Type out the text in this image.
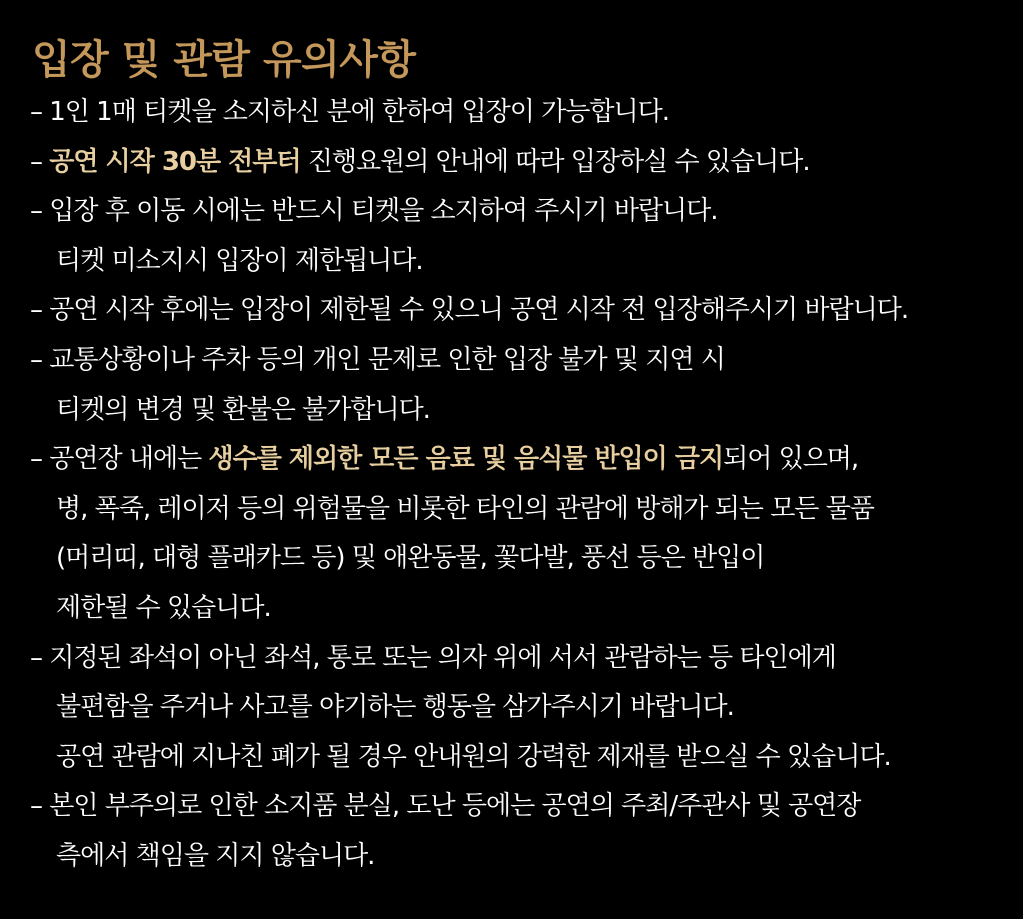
입장 및 관람 유의사항

– 1인 1매 티켓을 소지하신 분에 한하여 입장이 가능합니다.

– 공연 시작 30분 전부터 진행요원의 안내에 따라 입장하실 수 있습니다.

– 입장 후 이동 시에는 반드시 티켓을 소지하여 주시기 바랍니다.

티켓 미소지시 입장이 제한됩니다.

– 공연 시작 후에는 입장이 제한될 수 있으니 공연 시작 전 입장해주시기 바랍니다.

– 교통상황이나 주차 등의 개인 문제로 인한 입장 불가 및 지연 시

티켓의 변경 및 환불은 불가합니다.

– 공연장 내에는 생수를 제외한 모든 음료 및 음식물 반입이 금지되어 있으며,

병, 폭죽, 레이저 등의 위험물을 비롯한 타인의 관람에 방해가 되는 모든 물품

(머리띠, 대형 플래카드 등) 및 애완동물, 꽃다발, 풍선 등은 반입이

제한될 수 있습니다.

– 지정된 좌석이 아닌 좌석, 통로 또는 의자 위에 서서 관람하는 등 타인에게

불편함을 주거나 사고를 야기하는 행동을 삼가주시기 바랍니다.

공연 관람에 지나친 폐가 될 경우 안내원의 강력한 제재를 받으실 수 있습니다.

– 본인 부주의로 인한 소지품 분실, 도난 등에는 공연의 주최/주관사 및 공연장

측에서 책임을 지지 않습니다.
